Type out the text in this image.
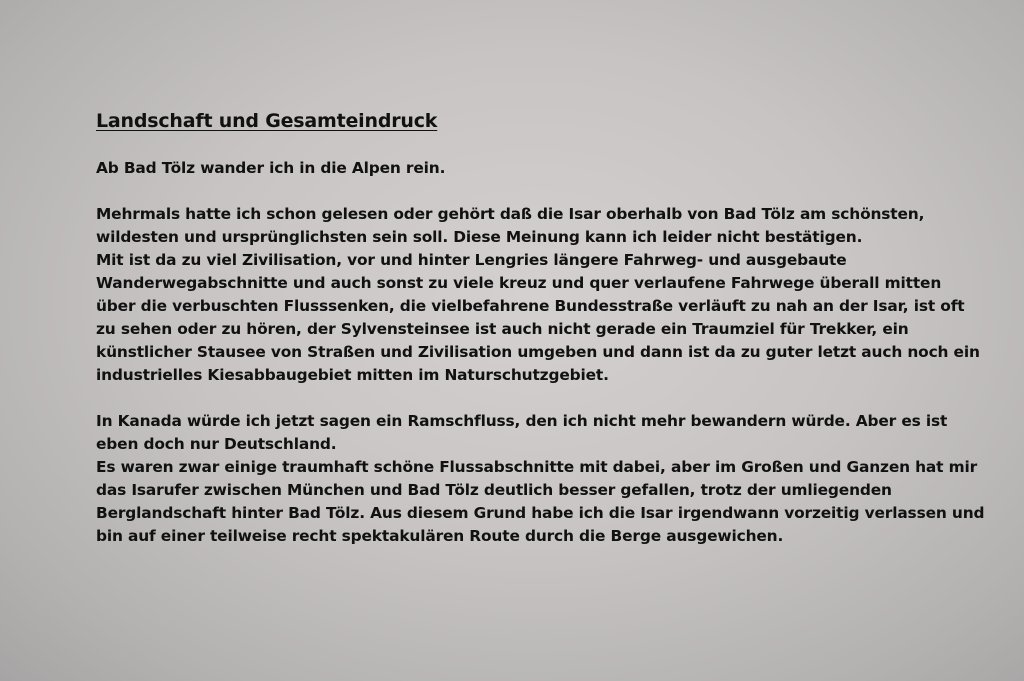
Landschaft und Gesamteindruck
Ab Bad Tölz wander ich in die Alpen rein.
Mehrmals hatte ich schon gelesen oder gehört daß die Isar oberhalb von Bad Tölz am schönsten,
wildesten und ursprünglichsten sein soll. Diese Meinung kann ich leider nicht bestätigen.
Mit ist da zu viel Zivilisation, vor und hinter Lengries längere Fahrweg- und ausgebaute
Wanderwegabschnitte und auch sonst zu viele kreuz und quer verlaufene Fahrwege überall mitten
über die verbuschten Flusssenken, die vielbefahrene Bundesstraße verläuft zu nah an der Isar, ist oft
zu sehen oder zu hören, der Sylvensteinsee ist auch nicht gerade ein Traumziel für Trekker, ein
künstlicher Stausee von Straßen und Zivilisation umgeben und dann ist da zu guter letzt auch noch ein
industrielles Kiesabbaugebiet mitten im Naturschutzgebiet.
In Kanada würde ich jetzt sagen ein Ramschfluss, den ich nicht mehr bewandern würde. Aber es ist
eben doch nur Deutschland.
Es waren zwar einige traumhaft schöne Flussabschnitte mit dabei, aber im Großen und Ganzen hat mir
das Isarufer zwischen München und Bad Tölz deutlich besser gefallen, trotz der umliegenden
Berglandschaft hinter Bad Tölz. Aus diesem Grund habe ich die Isar irgendwann vorzeitig verlassen und
bin auf einer teilweise recht spektakulären Route durch die Berge ausgewichen.
